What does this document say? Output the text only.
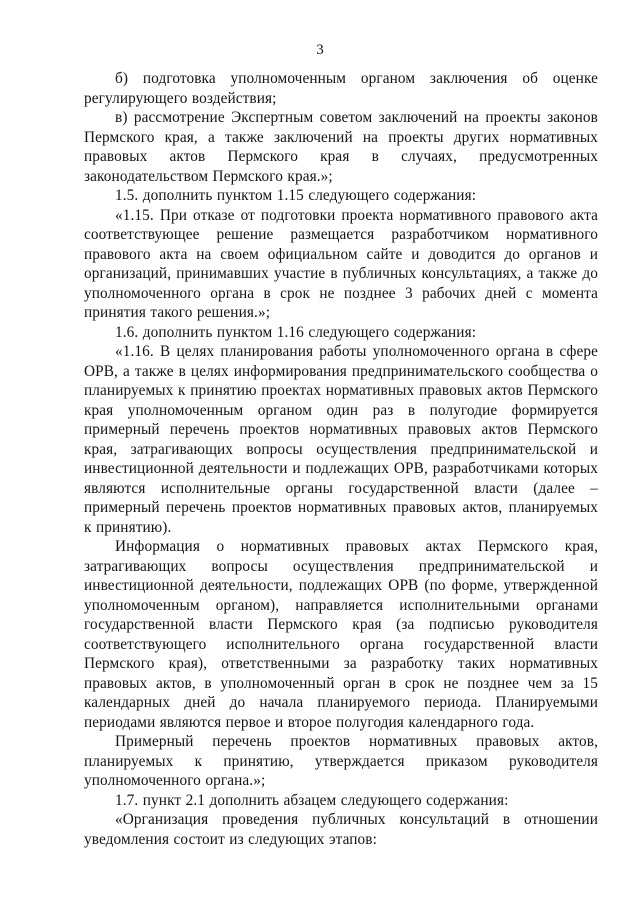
3

б) подготовка уполномоченным органом заключения об оценке регулирующего воздействия;

в) рассмотрение Экспертным советом заключений на проекты законов Пермского края, а также заключений на проекты других нормативных правовых актов Пермского края в случаях, предусмотренных законодательством Пермского края.»;

1.5. дополнить пунктом 1.15 следующего содержания:

«1.15. При отказе от подготовки проекта нормативного правового акта соответствующее решение размещается разработчиком нормативного правового акта на своем официальном сайте и доводится до органов и организаций, принимавших участие в публичных консультациях, а также до уполномоченного органа в срок не позднее 3 рабочих дней с момента принятия такого решения.»;

1.6. дополнить пунктом 1.16 следующего содержания:

«1.16. В целях планирования работы уполномоченного органа в сфере ОРВ, а также в целях информирования предпринимательского сообщества о планируемых к принятию проектах нормативных правовых актов Пермского края уполномоченным органом один раз в полугодие формируется примерный перечень проектов нормативных правовых актов Пермского края, затрагивающих вопросы осуществления предпринимательской и инвестиционной деятельности и подлежащих ОРВ, разработчиками которых являются исполнительные органы государственной власти (далее – примерный перечень проектов нормативных правовых актов, планируемых к принятию).

Информация о нормативных правовых актах Пермского края, затрагивающих вопросы осуществления предпринимательской и инвестиционной деятельности, подлежащих ОРВ (по форме, утвержденной уполномоченным органом), направляется исполнительными органами государственной власти Пермского края (за подписью руководителя соответствующего исполнительного органа государственной власти Пермского края), ответственными за разработку таких нормативных правовых актов, в уполномоченный орган в срок не позднее чем за 15 календарных дней до начала планируемого периода. Планируемыми периодами являются первое и второе полугодия календарного года.

Примерный перечень проектов нормативных правовых актов, планируемых к принятию, утверждается приказом руководителя уполномоченного органа.»;

1.7. пункт 2.1 дополнить абзацем следующего содержания:

«Организация проведения публичных консультаций в отношении уведомления состоит из следующих этапов:
